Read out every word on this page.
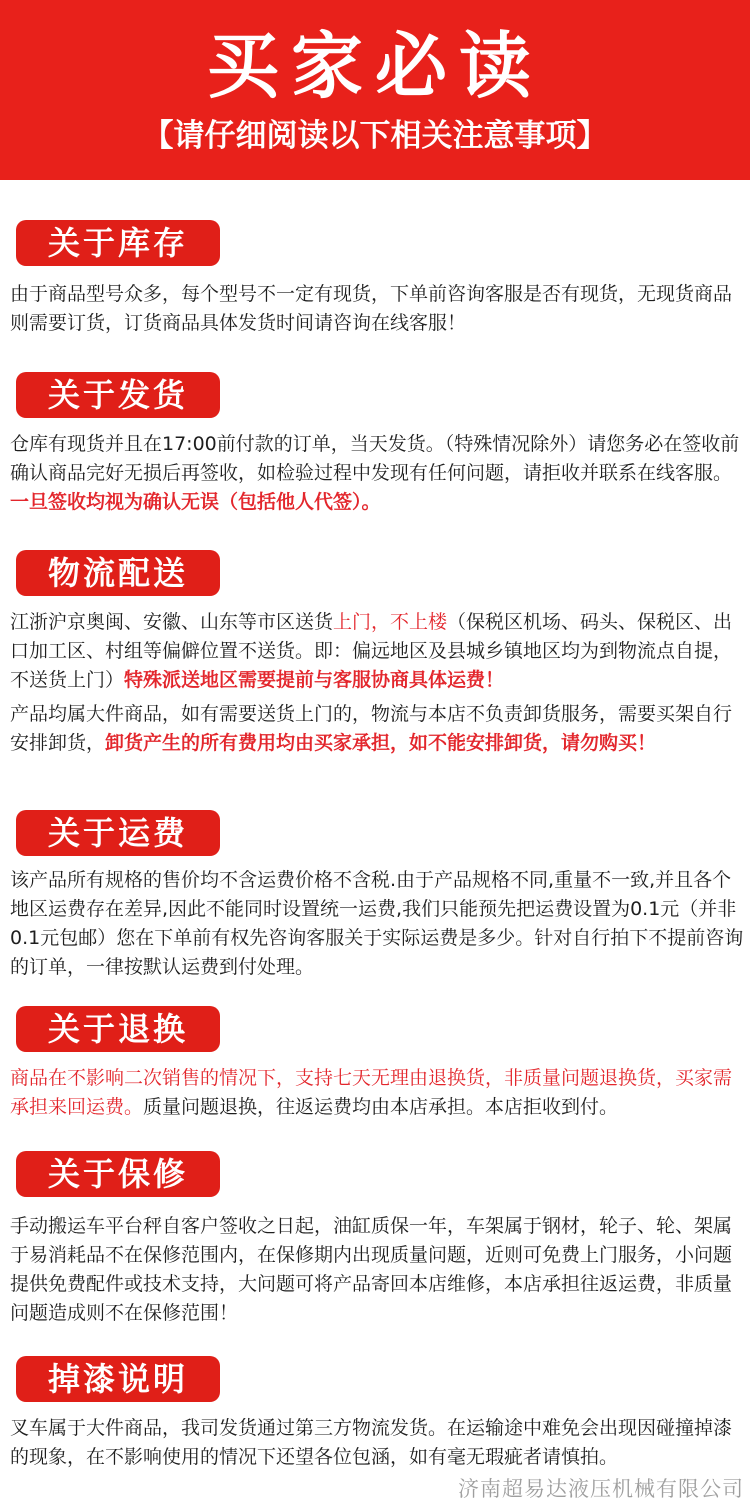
买家必读
【请仔细阅读以下相关注意事项】
关于库存

由于商品型号众多，每个型号不一定有现货，下单前咨询客服是否有现货，无现货商品则需要订货，订货商品具体发货时间请咨询在线客服！

关于发货

仓库有现货并且在17:00前付款的订单，当天发货。（特殊情况除外）请您务必在签收前确认商品完好无损后再签收，如检验过程中发现有任何问题，请拒收并联系在线客服。一旦签收均视为确认无误（包括他人代签）。

物流配送

江浙沪京奥闽、安徽、山东等市区送货上门，不上楼（保税区机场、码头、保税区、出口加工区、村组等偏僻位置不送货。即：偏远地区及县城乡镇地区均为到物流点自提，不送货上门）特殊派送地区需要提前与客服协商具体运费！

产品均属大件商品，如有需要送货上门的，物流与本店不负责卸货服务，需要买架自行安排卸货，卸货产生的所有费用均由买家承担，如不能安排卸货，请勿购买！

关于运费

该产品所有规格的售价均不含运费价格不含税.由于产品规格不同,重量不一致,并且各个地区运费存在差异,因此不能同时设置统一运费,我们只能预先把运费设置为0.1元（并非0.1元包邮）您在下单前有权先咨询客服关于实际运费是多少。针对自行拍下不提前咨询的订单，一律按默认运费到付处理。

关于退换

商品在不影响二次销售的情况下，支持七天无理由退换货，非质量问题退换货，买家需承担来回运费。质量问题退换，往返运费均由本店承担。本店拒收到付。

关于保修

手动搬运车平台秤自客户签收之日起，油缸质保一年，车架属于钢材，轮子、轮、架属于易消耗品不在保修范围内，在保修期内出现质量问题，近则可免费上门服务，小问题提供免费配件或技术支持，大问题可将产品寄回本店维修，本店承担往返运费，非质量问题造成则不在保修范围！

掉漆说明

叉车属于大件商品，我司发货通过第三方物流发货。在运输途中难免会出现因碰撞掉漆的现象，在不影响使用的情况下还望各位包涵，如有毫无瑕疵者请慎拍。

济南超易达液压机械有限公司
